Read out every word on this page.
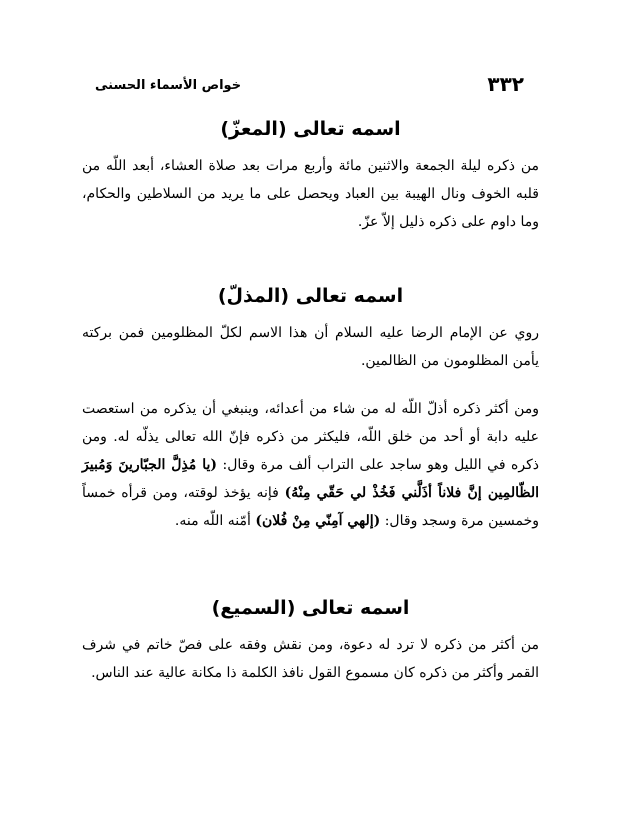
٣٣٢
خواص الأسماء الحسنى
اسمه تعالى (المعزّ)

من ذكره ليلة الجمعة والاثنين مائة وأربع مرات بعد صلاة العشاء، أبعد اللّه من قلبه الخوف ونال الهيبة بين العباد ويحصل على ما يريد من السلاطين والحكام، وما داوم على ذكره ذليل إلاّ عزّ.

اسمه تعالى (المذلّ)

روي عن الإمام الرضا عليه السلام أن هذا الاسم لكلّ المظلومين فمن بركته يأمن المظلومون من الظالمين.

ومن أكثر ذكره أذلّ اللّه له من شاء من أعدائه، وينبغي أن يذكره من استعصت عليه دابة أو أحد من خلق اللّه، فليكثر من ذكره فإنّ الله تعالى يذلّه له. ومن ذكره في الليل وهو ساجد على التراب ألف مرة وقال: (يا مُذِلَّ الجبّارينَ وَمُبيرَ الظّالمِين إنَّ فلاناً أذَلَّني فَخُذْ لي حَقّي مِنْهُ) فإنه يؤخذ لوقته، ومن قرأه خمساً وخمسين مرة وسجد وقال: (إلهي آمِنّي مِنْ فُلان) أمّنه اللّه منه.

اسمه تعالى (السميع)

من أكثر من ذكره لا ترد له دعوة، ومن نقش وفقه على فصّ خاتم في شرف القمر وأكثر من ذكره كان مسموع القول نافذ الكلمة ذا مكانة عالية عند الناس.
